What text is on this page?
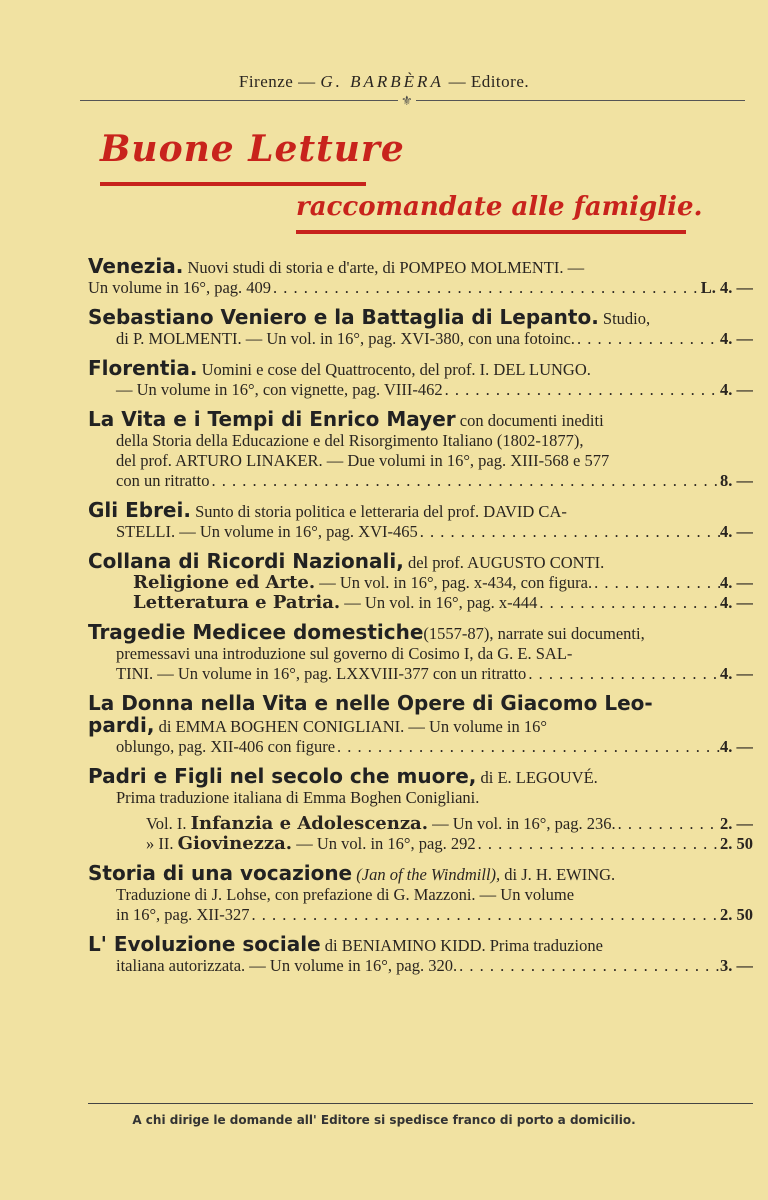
Firenze — G. BARBÈRA — Editore.
⚜
Buone Letture
raccomandate alle famiglie.
Venezia. Nuovi studi di storia e d'arte, di POMPEO MOLMENTI. —
Un volume in 16°, pag. 409 . . .	L. 4. —
Sebastiano Veniero e la Battaglia di Lepanto. Studio,
di P. MOLMENTI. — Un vol. in 16°, pag. XVI-380, con una fotoinc. . . .	4. —
Florentia. Uomini e cose del Quattrocento, del prof. I. DEL LUNGO.
— Un volume in 16°, con vignette, pag. VIII-462 . . .	4. —
La Vita e i Tempi di Enrico Mayer con documenti inediti
della Storia della Educazione e del Risorgimento Italiano (1802-1877),
del prof. ARTURO LINAKER. — Due volumi in 16°, pag. XIII-568 e 577
con un ritratto . . .	8. —
Gli Ebrei. Sunto di storia politica e letteraria del prof. DAVID CA-
STELLI. — Un volume in 16°, pag. XVI-465 . . .	4. —
Collana di Ricordi Nazionali, del prof. AUGUSTO CONTI.
Religione ed Arte. — Un vol. in 16°, pag. x-434, con figura. . . .	4. —
Letteratura e Patria. — Un vol. in 16°, pag. x-444 . . .	4. —
Tragedie Medicee domestiche(1557-87), narrate sui documenti,
premessavi una introduzione sul governo di Cosimo I, da G. E. SAL-
TINI. — Un volume in 16°, pag. LXXVIII-377 con un ritratto . . .	4. —
La Donna nella Vita e nelle Opere di Giacomo Leo-
pardi, di EMMA BOGHEN CONIGLIANI. — Un volume in 16°
oblungo, pag. XII-406 con figure . . .	4. —
Padri e Figli nel secolo che muore, di E. LEGOUVÉ.
Prima traduzione italiana di Emma Boghen Conigliani.
Vol. I. Infanzia e Adolescenza. — Un vol. in 16°, pag. 236. . . .	2. —
» II. Giovinezza. — Un vol. in 16°, pag. 292 . . .	2. 50
Storia di una vocazione (Jan of the Windmill), di J. H. EWING.
Traduzione di J. Lohse, con prefazione di G. Mazzoni. — Un volume
in 16°, pag. XII-327 . . .	2. 50
L' Evoluzione sociale di BENIAMINO KIDD. Prima traduzione
italiana autorizzata. — Un volume in 16°, pag. 320. . . .	3. —
A chi dirige le domande all' Editore si spedisce franco di porto a domicilio.
